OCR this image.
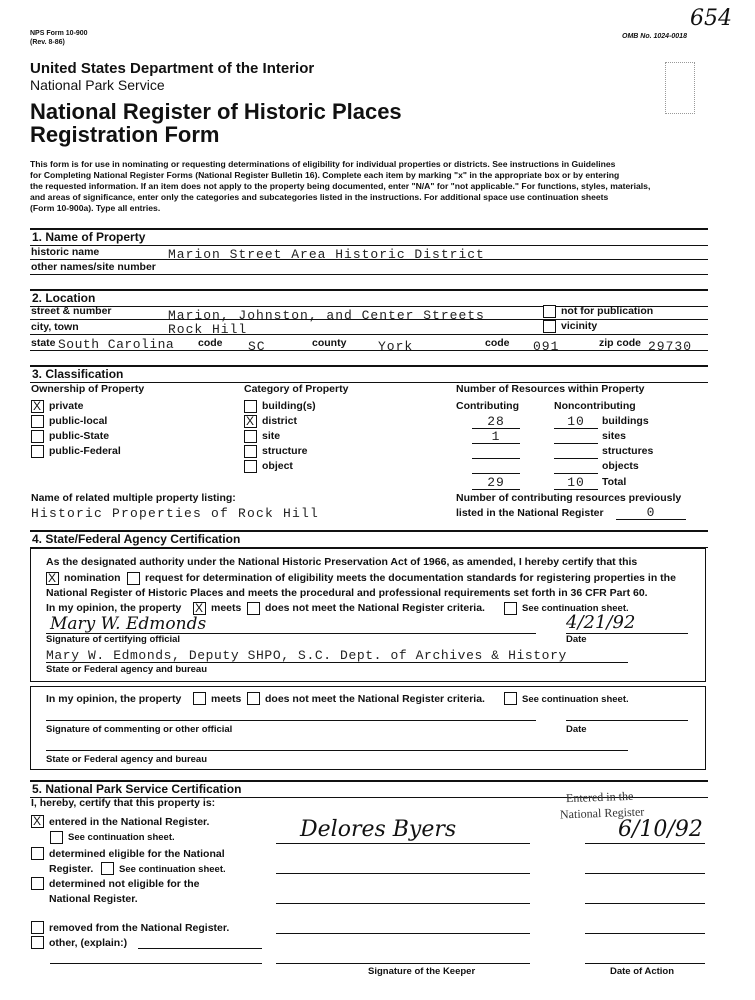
NPS Form 10-900
(Rev. 8-86)
OMB No. 1024-0018
654
United States Department of the Interior
National Park Service
National Register of Historic Places
Registration Form
This form is for use in nominating or requesting determinations of eligibility for individual properties or districts. See instructions in Guidelines
for Completing National Register Forms (National Register Bulletin 16). Complete each item by marking "x" in the appropriate box or by entering
the requested information. If an item does not apply to the property being documented, enter "N/A" for "not applicable." For functions, styles, materials,
and areas of significance, enter only the categories and subcategories listed in the instructions. For additional space use continuation sheets
(Form 10-900a). Type all entries.
1. Name of Property
historic name	Marion Street Area Historic District
other names/site number
2. Location
street & number	Marion, Johnston, and Center Streets	not for publication
city, town	Rock Hill	vicinity
state South Carolina code SC	county York	code 091	zip code 29730
3. Classification
Ownership of Property
X
private
public-local
public-State
public-Federal
Category of Property
building(s)
X
district
site
structure
object
Number of Resources within Property
Contributing	Noncontributing
28	10	buildings
1	sites
structures
objects
29	10	Total
Name of related multiple property listing:
Historic Properties of Rock Hill
Number of contributing resources previously
listed in the National Register	0
4. State/Federal Agency Certification
As the designated authority under the National Historic Preservation Act of 1966, as amended, I hereby certify that this
X
nomination request for determination of eligibility meets the documentation standards for registering properties in the
National Register of Historic Places and meets the procedural and professional requirements set forth in 36 CFR Part 60.
In my opinion, the property
X	meets does not meet the National Register criteria.	See continuation sheet.
Mary W. Edmonds	4/21/92
Signature of certifying official	Date
Mary W. Edmonds, Deputy SHPO, S.C. Dept. of Archives & History
State or Federal agency and bureau
In my opinion, the property	meets does not meet the National Register criteria.	See continuation sheet.
Signature of commenting or other official	Date
State or Federal agency and bureau
5. National Park Service Certification
I, hereby, certify that this property is:
X
entered in the National Register.
See continuation sheet.
determined eligible for the National
Register.	See continuation sheet.
determined not eligible for the
National Register.
removed from the National Register.
other, (explain:)
Entered in the
National Register
Delores Byers	6/10/92
Signature of the Keeper	Date of Action
